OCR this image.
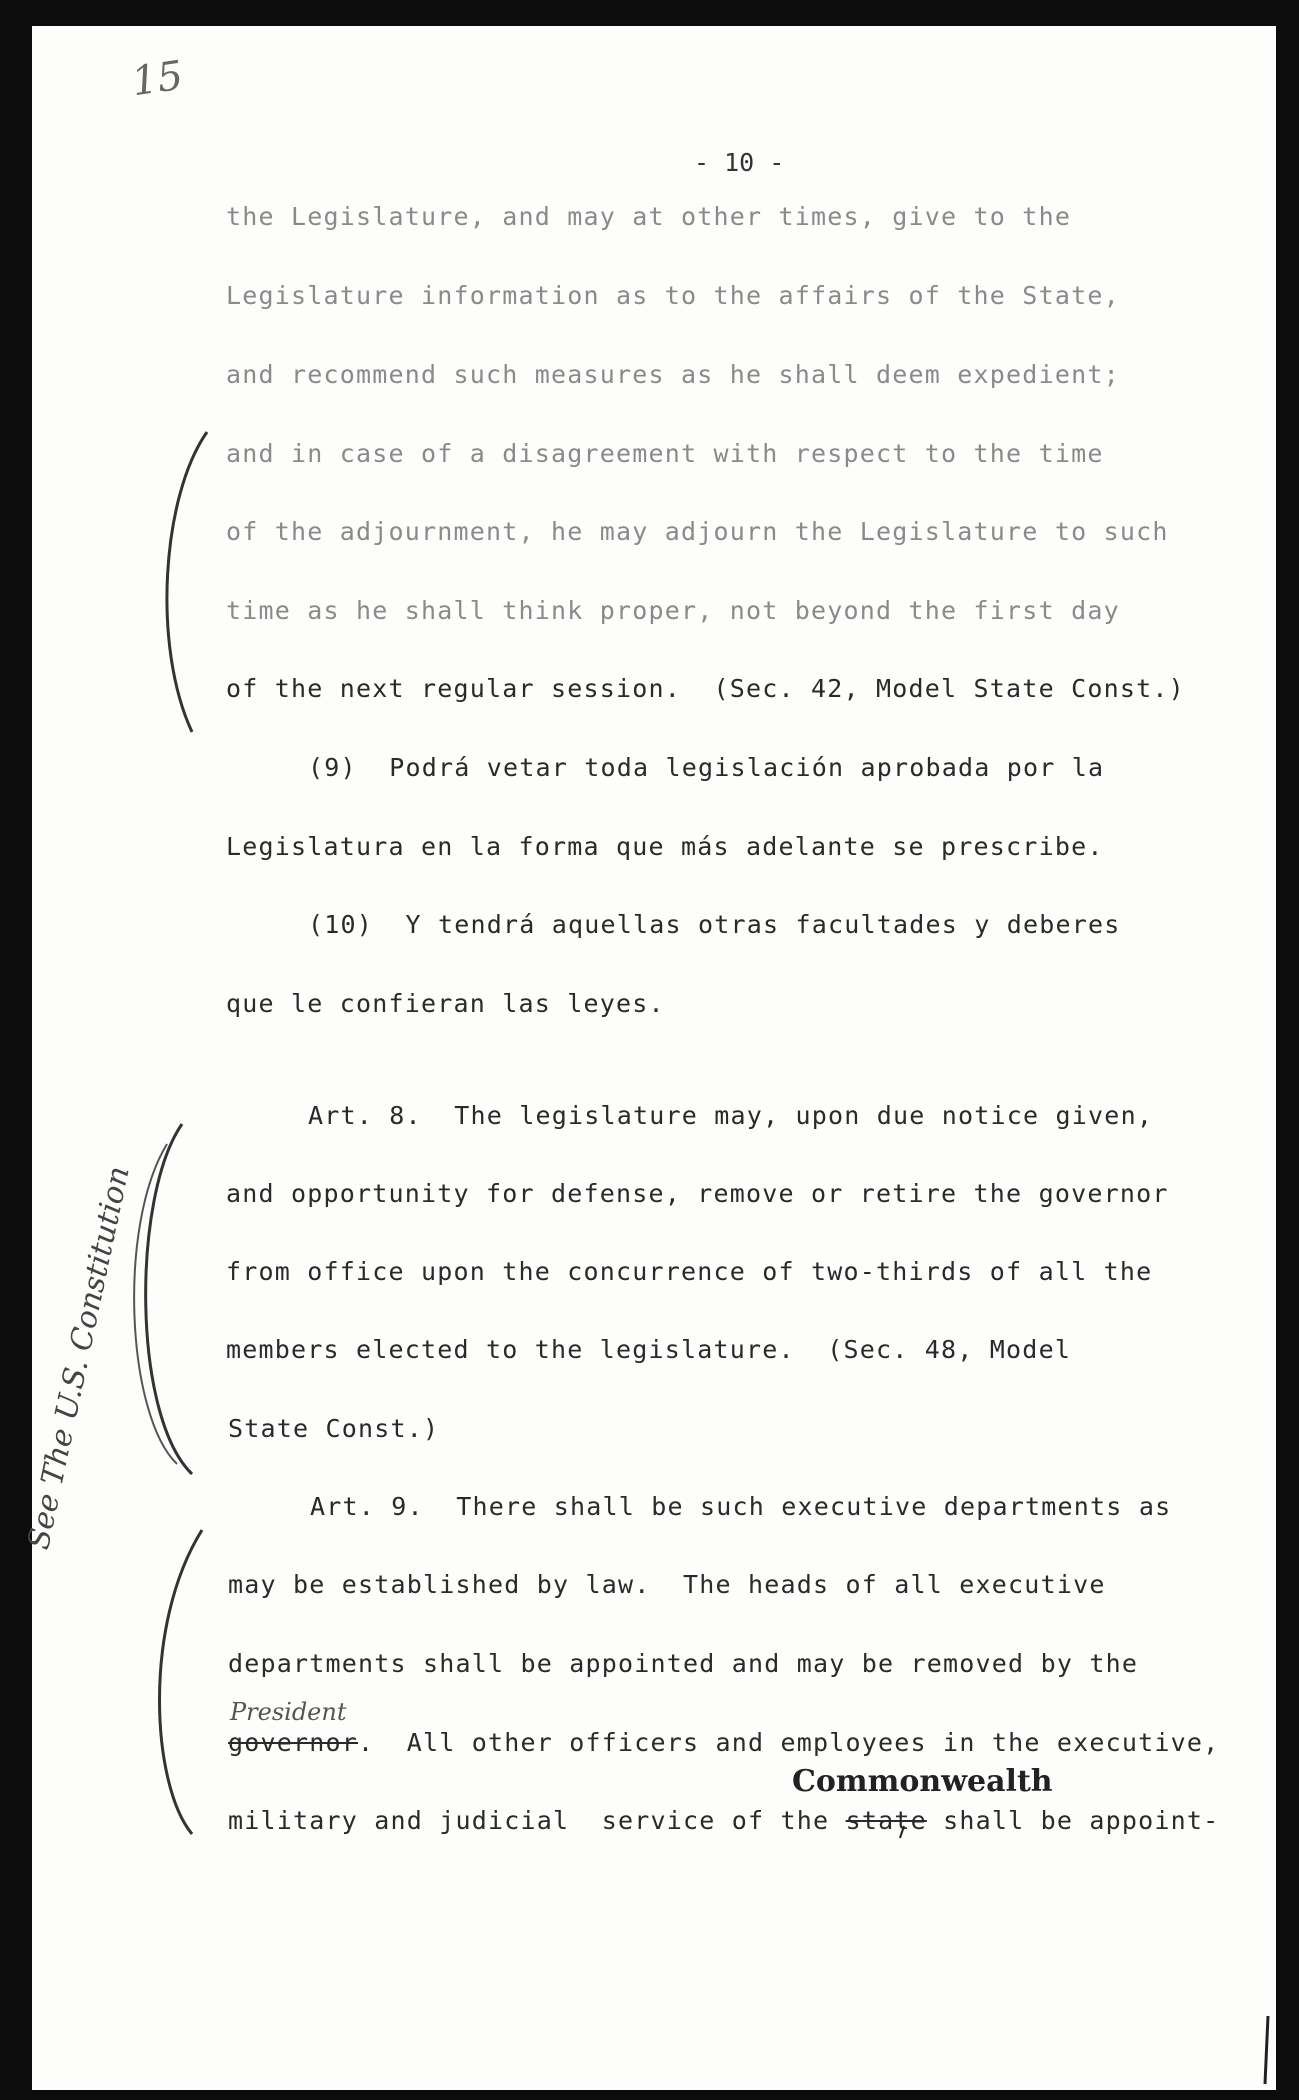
15
- 10 -
the Legislature, and may at other times, give to the
Legislature information as to the affairs of the State,
and recommend such measures as he shall deem expedient;
and in case of a disagreement with respect to the time
of the adjournment, he may adjourn the Legislature to such
time as he shall think proper, not beyond the first day
of the next regular session.  (Sec. 42, Model State Const.)
(9)  Podrá vetar toda legislación aprobada por la
Legislatura en la forma que más adelante se prescribe.
(10)  Y tendrá aquellas otras facultades y deberes
que le confieran las leyes.
Art. 8.  The legislature may, upon due notice given,
and opportunity for defense, remove or retire the governor
from office upon the concurrence of two-thirds of all the
members elected to the legislature.  (Sec. 48, Model
State Const.)
Art. 9.  There shall be such executive departments as
may be established by law.  The heads of all executive
departments shall be appointed and may be removed by the
governor.  All other officers and employees in the executive,
military and judicial  service of the state shall be appoint-
President
Commonwealth
See The U.S. Constitution
